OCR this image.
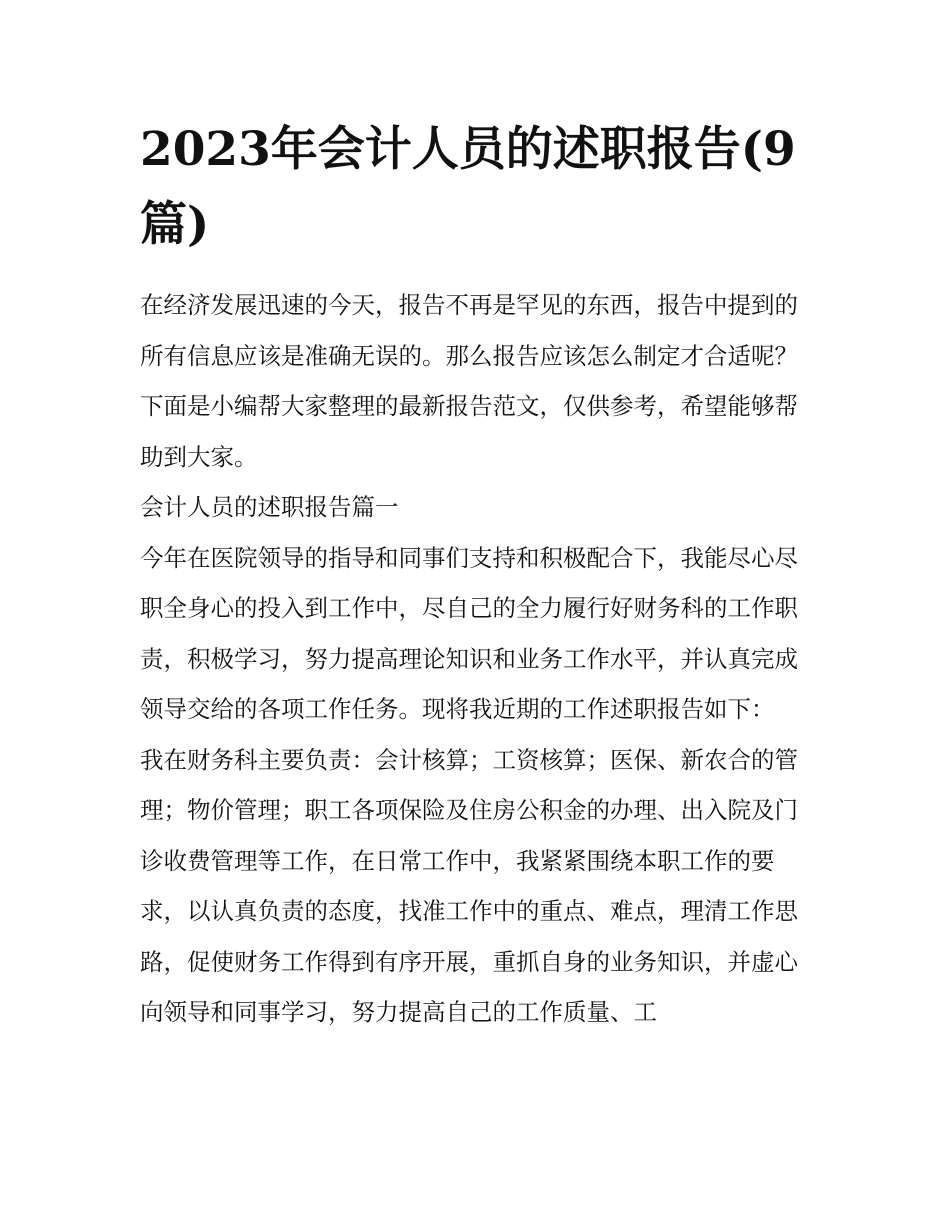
2023年会计人员的述职报告(9篇)

在经济发展迅速的今天，报告不再是罕见的东西，报告中提到的所有信息应该是准确无误的。那么报告应该怎么制定才合适呢？下面是小编帮大家整理的最新报告范文，仅供参考，希望能够帮助到大家。

会计人员的述职报告篇一

今年在医院领导的指导和同事们支持和积极配合下，我能尽心尽职全身心的投入到工作中，尽自己的全力履行好财务科的工作职责，积极学习，努力提高理论知识和业务工作水平，并认真完成领导交给的各项工作任务。现将我近期的工作述职报告如下：

我在财务科主要负责：会计核算；工资核算；医保、新农合的管理；物价管理；职工各项保险及住房公积金的办理、出入院及门诊收费管理等工作，在日常工作中，我紧紧围绕本职工作的要求，以认真负责的态度，找准工作中的重点、难点，理清工作思路，促使财务工作得到有序开展，重抓自身的业务知识，并虚心向领导和同事学习，努力提高自己的工作质量、工
